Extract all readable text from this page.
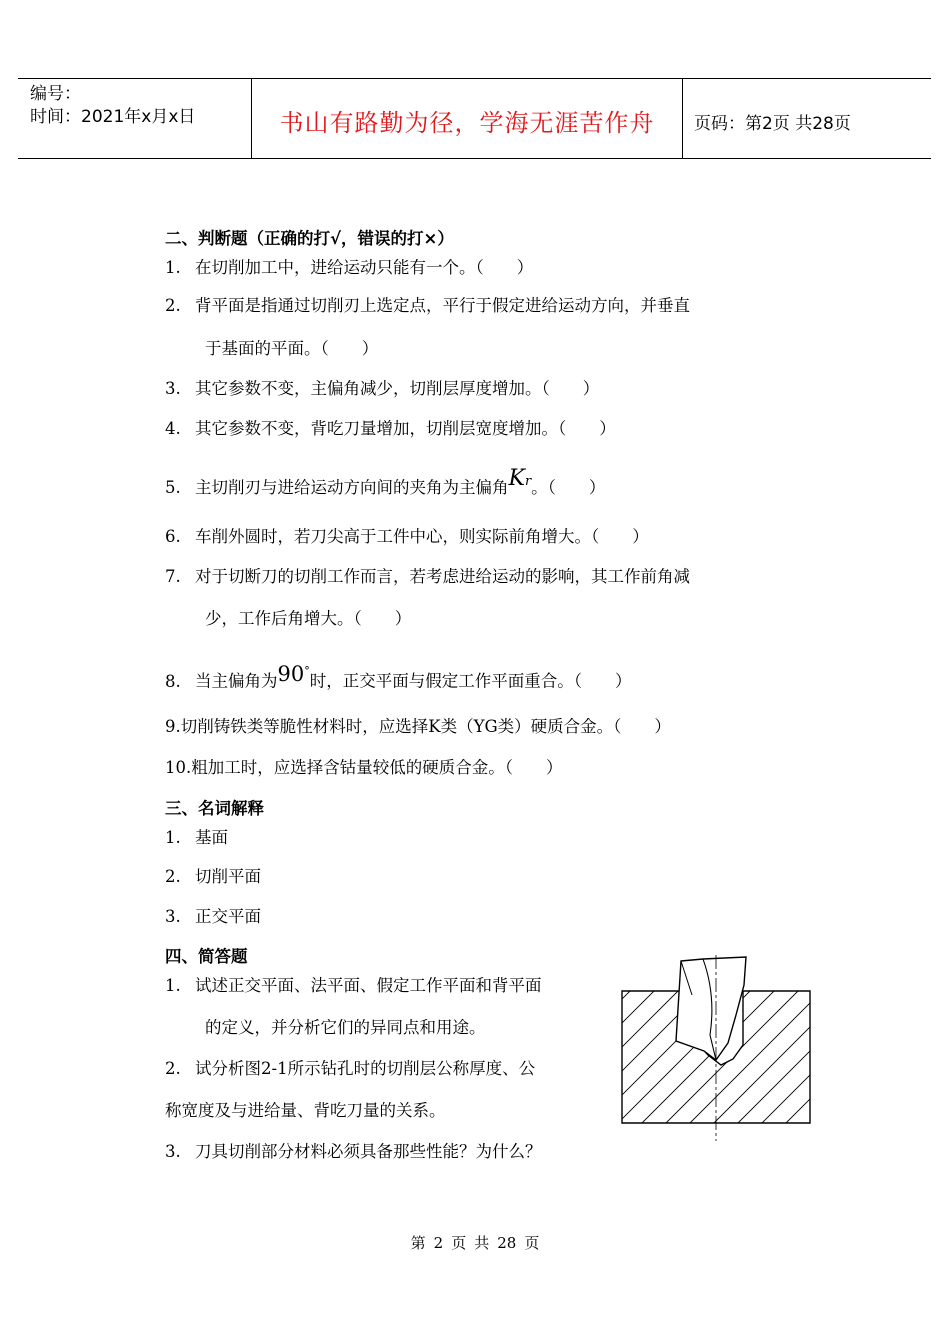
编号：
时间：2021年x月x日	书山有路勤为径，学海无涯苦作舟	页码：第2页 共28页
二、判断题（正确的打√，错误的打×）
1. 在切削加工中，进给运动只能有一个。（　　）
2. 背平面是指通过切削刃上选定点，平行于假定进给运动方向，并垂直
于基面的平面。（　　）
3. 其它参数不变，主偏角减少，切削层厚度增加。（　　）
4. 其它参数不变，背吃刀量增加，切削层宽度增加。（　　）
5. 主切削刃与进给运动方向间的夹角为主偏角Kr。（　　）
6. 车削外圆时，若刀尖高于工件中心，则实际前角增大。（　　）
7. 对于切断刀的切削工作而言，若考虑进给运动的影响，其工作前角减
少，工作后角增大。（　　）
8. 当主偏角为90°时，正交平面与假定工作平面重合。（　　）
9.切削铸铁类等脆性材料时，应选择K类（YG类）硬质合金。（　　）
10.粗加工时，应选择含钴量较低的硬质合金。（　　）
三、名词解释
1. 基面
2. 切削平面
3. 正交平面
四、简答题
1. 试述正交平面、法平面、假定工作平面和背平面
的定义，并分析它们的异同点和用途。
2. 试分析图2-1所示钻孔时的切削层公称厚度、公
称宽度及与进给量、背吃刀量的关系。
3. 刀具切削部分材料必须具备那些性能？为什么？
第 2 页 共 28 页
